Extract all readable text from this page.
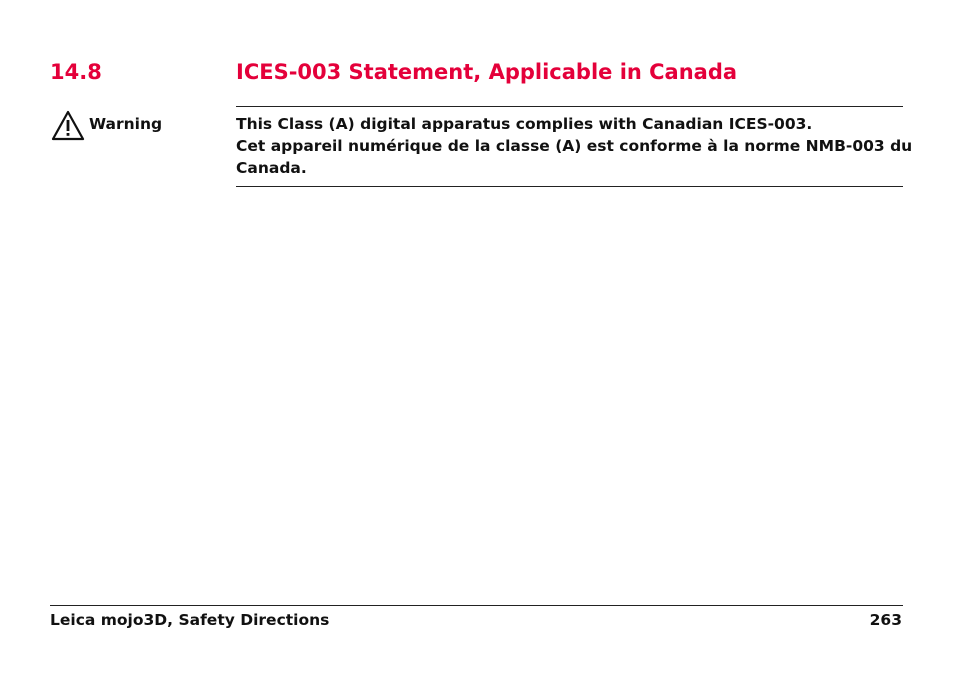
14.8	ICES-003 Statement, Applicable in Canada
Warning	This Class (A) digital apparatus complies with Canadian ICES-003.
Cet appareil numérique de la classe (A) est conforme à la norme NMB-003 du
Canada.
Leica mojo3D, Safety Directions	263
